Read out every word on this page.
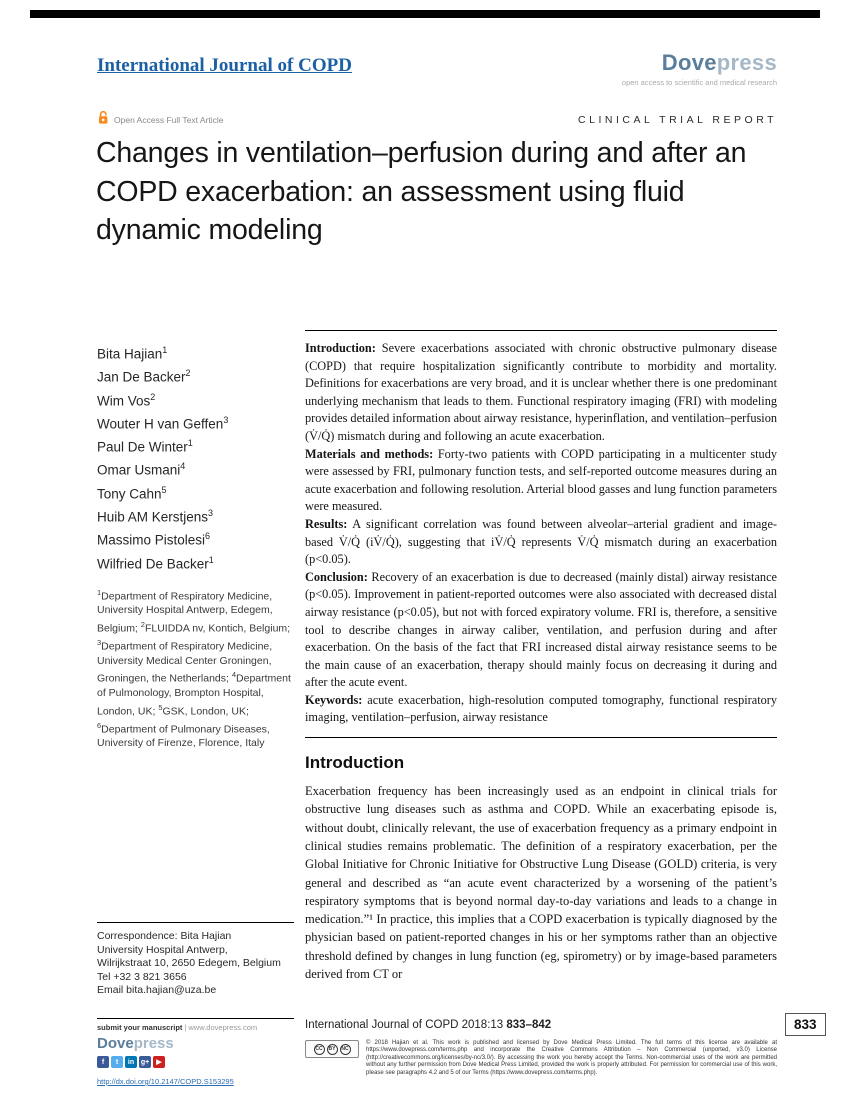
International Journal of COPD	Dovepress
open access to scientific and medical research
Open Access Full Text Article	CLINICAL TRIAL REPORT
Changes in ventilation–perfusion during and after an COPD exacerbation: an assessment using fluid dynamic modeling
Bita Hajian$^1$
Jan De Backer$^2$
Wim Vos$^2$
Wouter H van Geffen$^3$
Paul De Winter$^1$
Omar Usmani$^4$
Tony Cahn$^5$
Huib AM Kerstjens$^3$
Massimo Pistolesi$^6$
Wilfried De Backer$^1$
$^1$Department of Respiratory Medicine, University Hospital Antwerp, Edegem, Belgium; $^2$FLUIDDA nv, Kontich, Belgium; $^3$Department of Respiratory Medicine, University Medical Center Groningen, Groningen, the Netherlands; $^4$Department of Pulmonology, Brompton Hospital, London, UK; $^5$GSK, London, UK; $^6$Department of Pulmonary Diseases, University of Firenze, Florence, Italy
Correspondence: Bita Hajian
University Hospital Antwerp,
Wilrijkstraat 10, 2650 Edegem, Belgium
Tel +32 3 821 3656
Email bita.hajian@uza.be

Introduction: Severe exacerbations associated with chronic obstructive pulmonary disease (COPD) that require hospitalization significantly contribute to morbidity and mortality. Definitions for exacerbations are very broad, and it is unclear whether there is one predominant underlying mechanism that leads to them. Functional respiratory imaging (FRI) with modeling provides detailed information about airway resistance, hyperinflation, and ventilation–perfusion (V̇/Q̇) mismatch during and following an acute exacerbation.

Materials and methods: Forty-two patients with COPD participating in a multicenter study were assessed by FRI, pulmonary function tests, and self-reported outcome measures during an acute exacerbation and following resolution. Arterial blood gasses and lung function parameters were measured.

Results: A significant correlation was found between alveolar–arterial gradient and image-based V̇/Q̇ (iV̇/Q̇), suggesting that iV̇/Q̇ represents V̇/Q̇ mismatch during an exacerbation (p<0.05).

Conclusion: Recovery of an exacerbation is due to decreased (mainly distal) airway resistance (p<0.05). Improvement in patient-reported outcomes were also associated with decreased distal airway resistance (p<0.05), but not with forced expiratory volume. FRI is, therefore, a sensitive tool to describe changes in airway caliber, ventilation, and perfusion during and after exacerbation. On the basis of the fact that FRI increased distal airway resistance seems to be the main cause of an exacerbation, therapy should mainly focus on decreasing it during and after the acute event.

Keywords: acute exacerbation, high-resolution computed tomography, functional respiratory imaging, ventilation–perfusion, airway resistance

Introduction
Exacerbation frequency has been increasingly used as an endpoint in clinical trials for obstructive lung diseases such as asthma and COPD. While an exacerbating episode is, without doubt, clinically relevant, the use of exacerbation frequency as a primary endpoint in clinical studies remains problematic. The definition of a respiratory exacerbation, per the Global Initiative for Chronic Initiative for Obstructive Lung Disease (GOLD) criteria, is very general and described as “an acute event characterized by a worsening of the patient’s respiratory symptoms that is beyond normal day-to-day variations and leads to a change in medication.”¹ In practice, this implies that a COPD exacerbation is typically diagnosed by the physician based on patient-reported changes in his or her symptoms rather than an objective threshold defined by changes in lung function (eg, spirometry) or by image-based parameters derived from CT or
submit your manuscript | www.dovepress.com
Dovepress
f	t	in g+	▶
http://dx.doi.org/10.2147/COPD.S153295
International Journal of COPD 2018:13 833–842	833
CC	BY	NC
© 2018 Hajian et al. This work is published and licensed by Dove Medical Press Limited. The full terms of this license are available at https://www.dovepress.com/terms.php and incorporate the Creative Commons Attribution – Non Commercial (unported, v3.0) License (http://creativecommons.org/licenses/by-nc/3.0/). By accessing the work you hereby accept the Terms. Non-commercial uses of the work are permitted without any further permission from Dove Medical Press Limited, provided the work is properly attributed. For permission for commercial use of this work, please see paragraphs 4.2 and 5 of our Terms (https://www.dovepress.com/terms.php).
